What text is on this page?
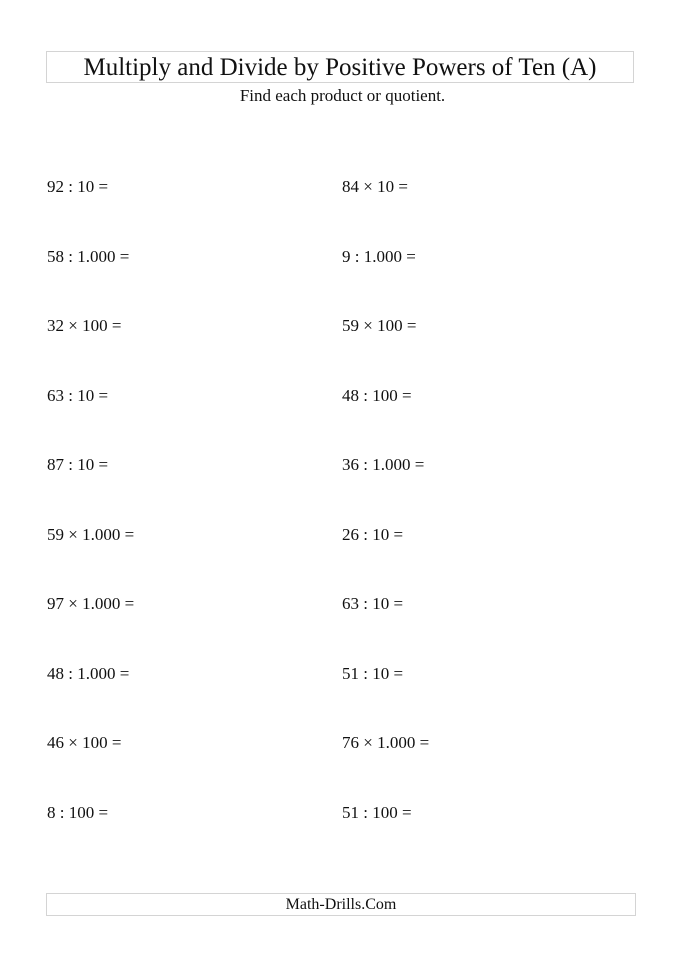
Multiply and Divide by Positive Powers of Ten (A)
Find each product or quotient.
92 : 10 =
58 : 1.000 =
32 × 100 =
63 : 10 =
87 : 10 =
59 × 1.000 =
97 × 1.000 =
48 : 1.000 =
46 × 100 =
8 : 100 =
84 × 10 =
9 : 1.000 =
59 × 100 =
48 : 100 =
36 : 1.000 =
26 : 10 =
63 : 10 =
51 : 10 =
76 × 1.000 =
51 : 100 =
Math-Drills.Com
